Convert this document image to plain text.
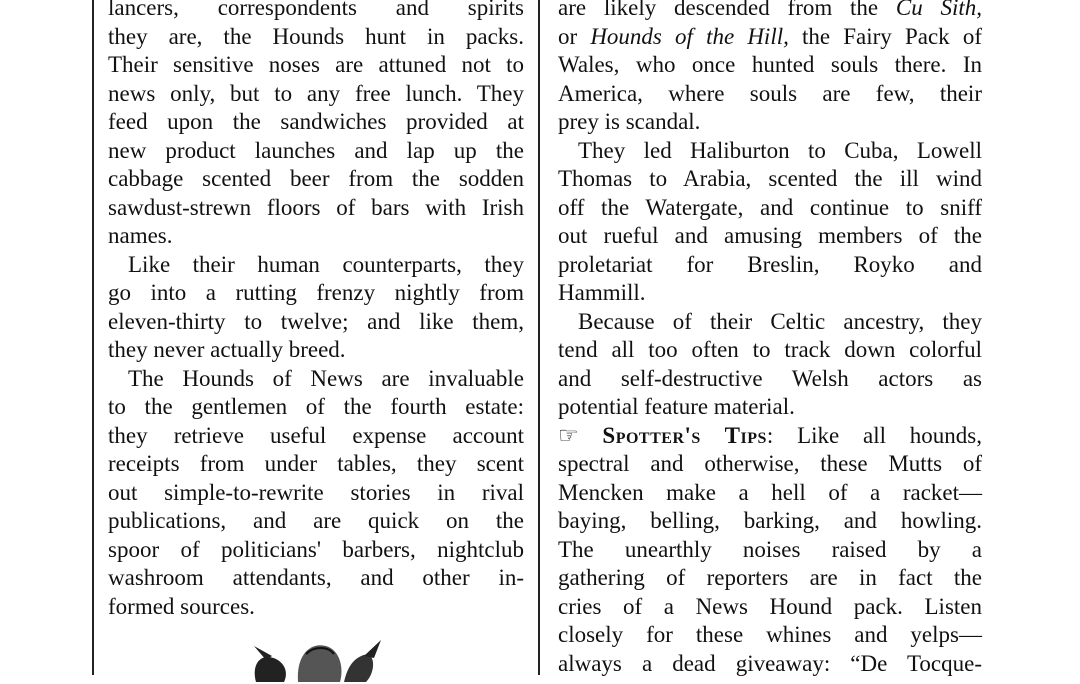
lancers, correspondents and spirits
they are, the Hounds hunt in packs.
Their sensitive noses are attuned not to
news only, but to any free lunch. They
feed upon the sandwiches provided at
new product launches and lap up the
cabbage scented beer from the sodden
sawdust-strewn floors of bars with Irish
names.
Like their human counterparts, they
go into a rutting frenzy nightly from
eleven-thirty to twelve; and like them,
they never actually breed.
The Hounds of News are invaluable
to the gentlemen of the fourth estate:
they retrieve useful expense account
receipts from under tables, they scent
out simple-to-rewrite stories in rival
publications, and are quick on the
spoor of politicians' barbers, nightclub
washroom attendants, and other in-
formed sources.
are likely descended from the Cu Sith,
or Hounds of the Hill, the Fairy Pack of
Wales, who once hunted souls there. In
America, where souls are few, their
prey is scandal.
They led Haliburton to Cuba, Lowell
Thomas to Arabia, scented the ill wind
off the Watergate, and continue to sniff
out rueful and amusing members of the
proletariat for Breslin, Royko and
Hammill.
Because of their Celtic ancestry, they
tend all too often to track down colorful
and self-destructive Welsh actors as
potential feature material.
☞ Spotter's Tips: Like all hounds,
spectral and otherwise, these Mutts of
Mencken make a hell of a racket—
baying, belling, barking, and howling.
The unearthly noises raised by a
gathering of reporters are in fact the
cries of a News Hound pack. Listen
closely for these whines and yelps—
always a dead giveaway: “De Tocque-
